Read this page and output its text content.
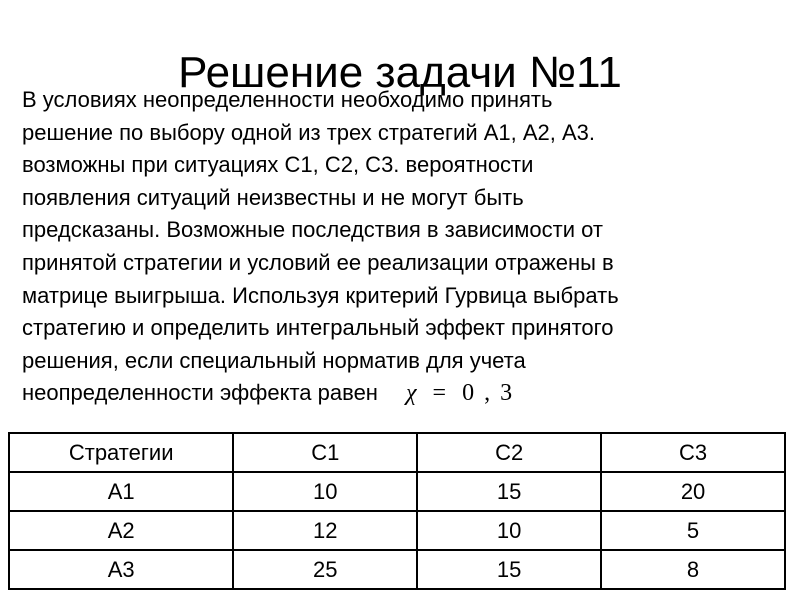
Решение задачи №11
В условиях неопределенности необходимо принять
решение по выбору одной из трех стратегий А1, А2, А3.
возможны при ситуациях С1, С2, С3. вероятности
появления ситуаций неизвестны и не могут быть
предсказаны. Возможные последствия в зависимости от
принятой стратегии и условий ее реализации отражены в
матрице выигрыша. Используя критерий Гурвица выбрать
стратегию и определить интегральный эффект принятого
решения, если специальный норматив для учета
неопределенности эффекта равен χ = 0 , 3
Стратегии	С1	С2	С3
А1	10	15	20
А2	12	10	5
А3	25	15	8
